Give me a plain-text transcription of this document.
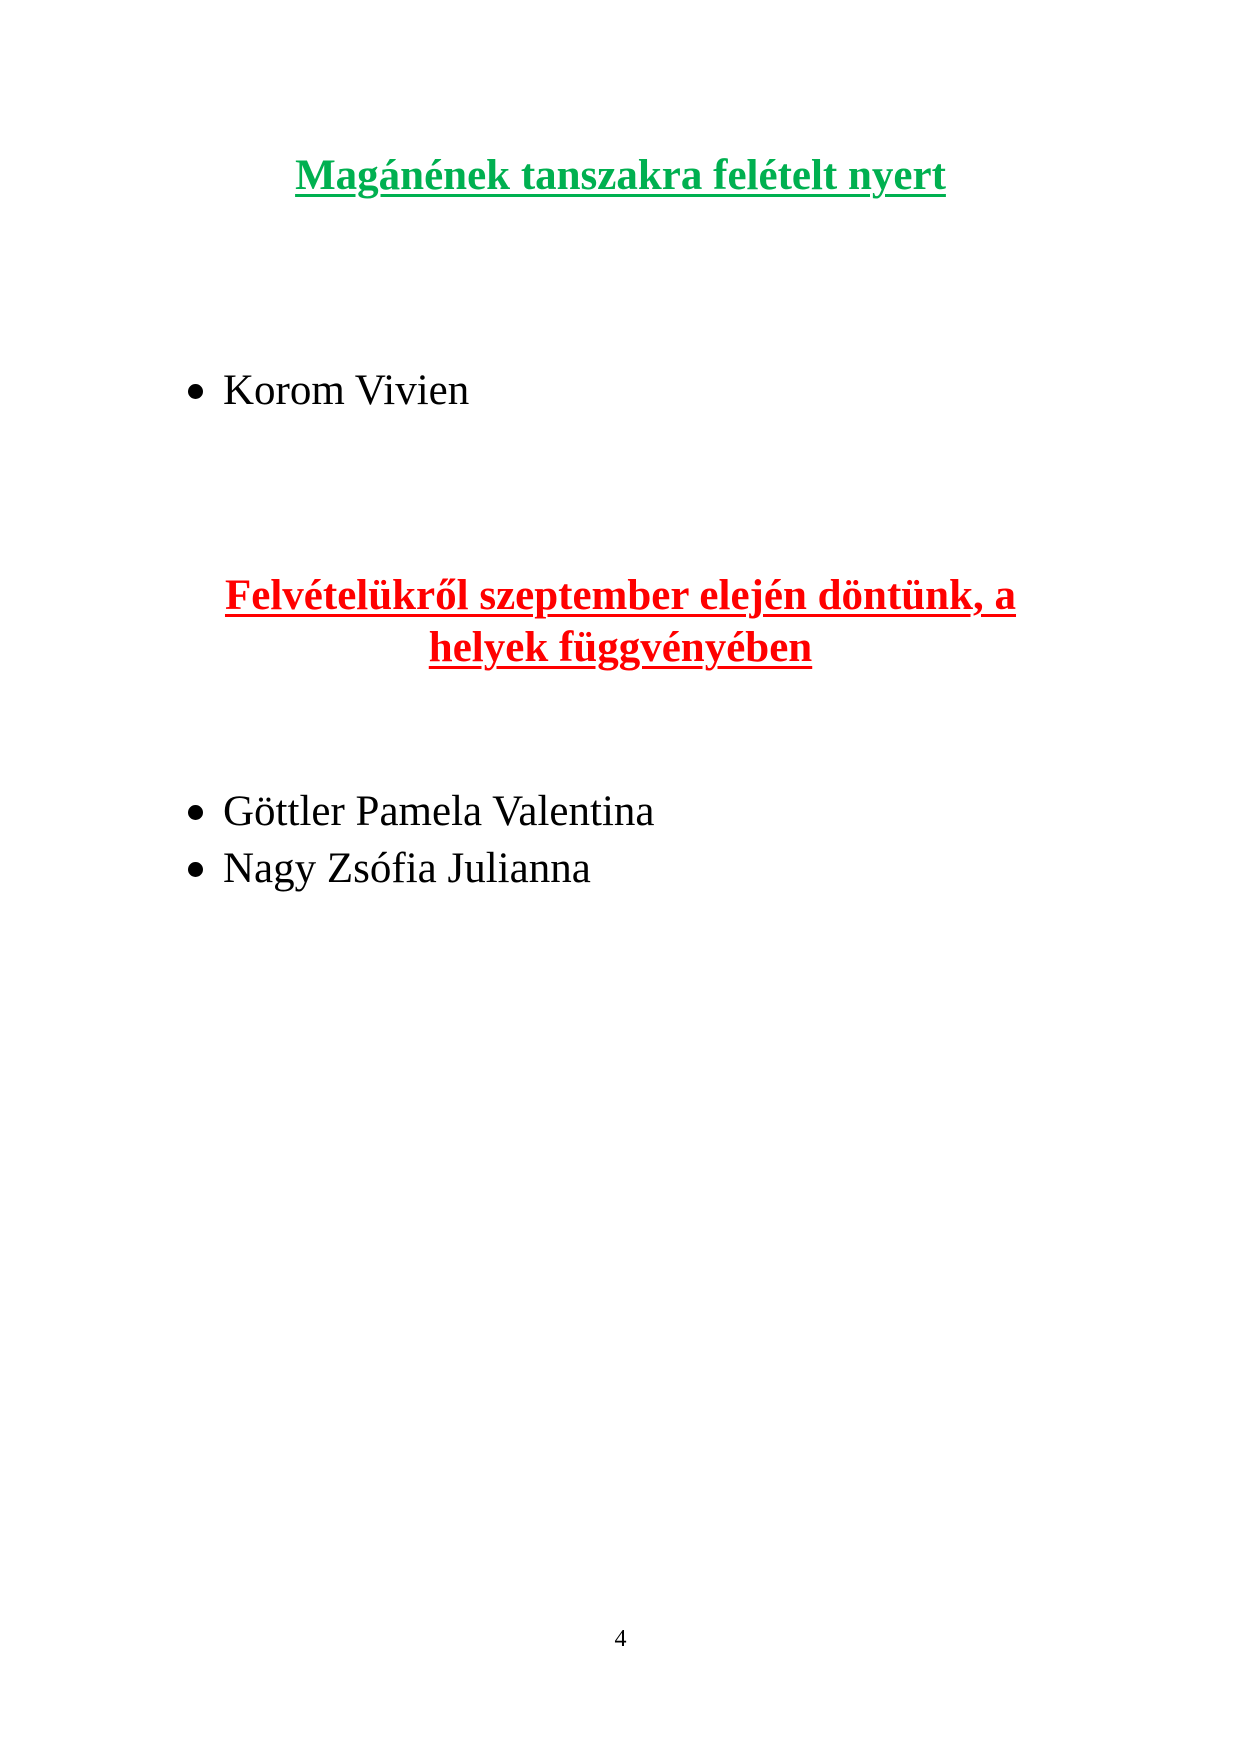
Magánének tanszakra felételt nyert
Korom Vivien
Felvételükről szeptember elején döntünk, a
helyek függvényében
Göttler Pamela Valentina
Nagy Zsófia Julianna
4
